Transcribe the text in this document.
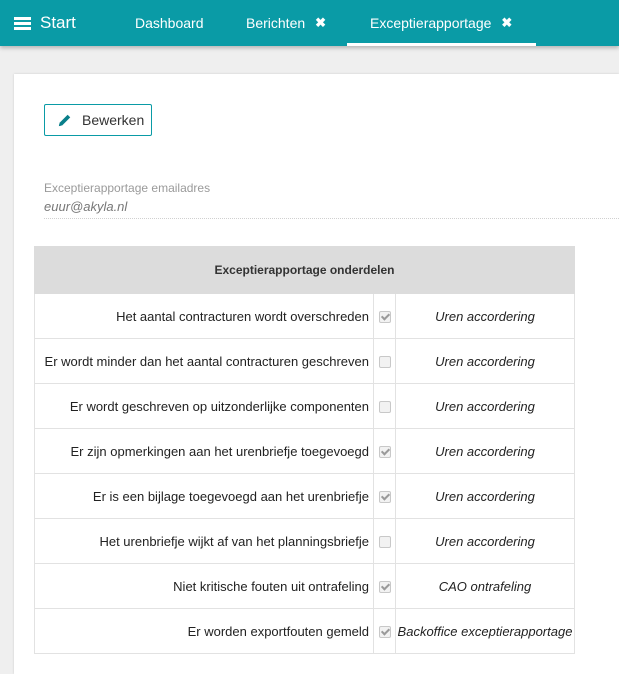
Start	Dashboard	Berichten ✖	Exceptierapportage ✖
Bewerken
Exceptierapportage emailadres
euur@akyla.nl
Exceptierapportage onderdelen		
Het aantal contracturen wordt overschreden		Uren accordering
Er wordt minder dan het aantal contracturen geschreven		Uren accordering
Er wordt geschreven op uitzonderlijke componenten		Uren accordering
Er zijn opmerkingen aan het urenbriefje toegevoegd		Uren accordering
Er is een bijlage toegevoegd aan het urenbriefje		Uren accordering
Het urenbriefje wijkt af van het planningsbriefje		Uren accordering
Niet kritische fouten uit ontrafeling		CAO ontrafeling
Er worden exportfouten gemeld		Backoffice exceptierapportage
